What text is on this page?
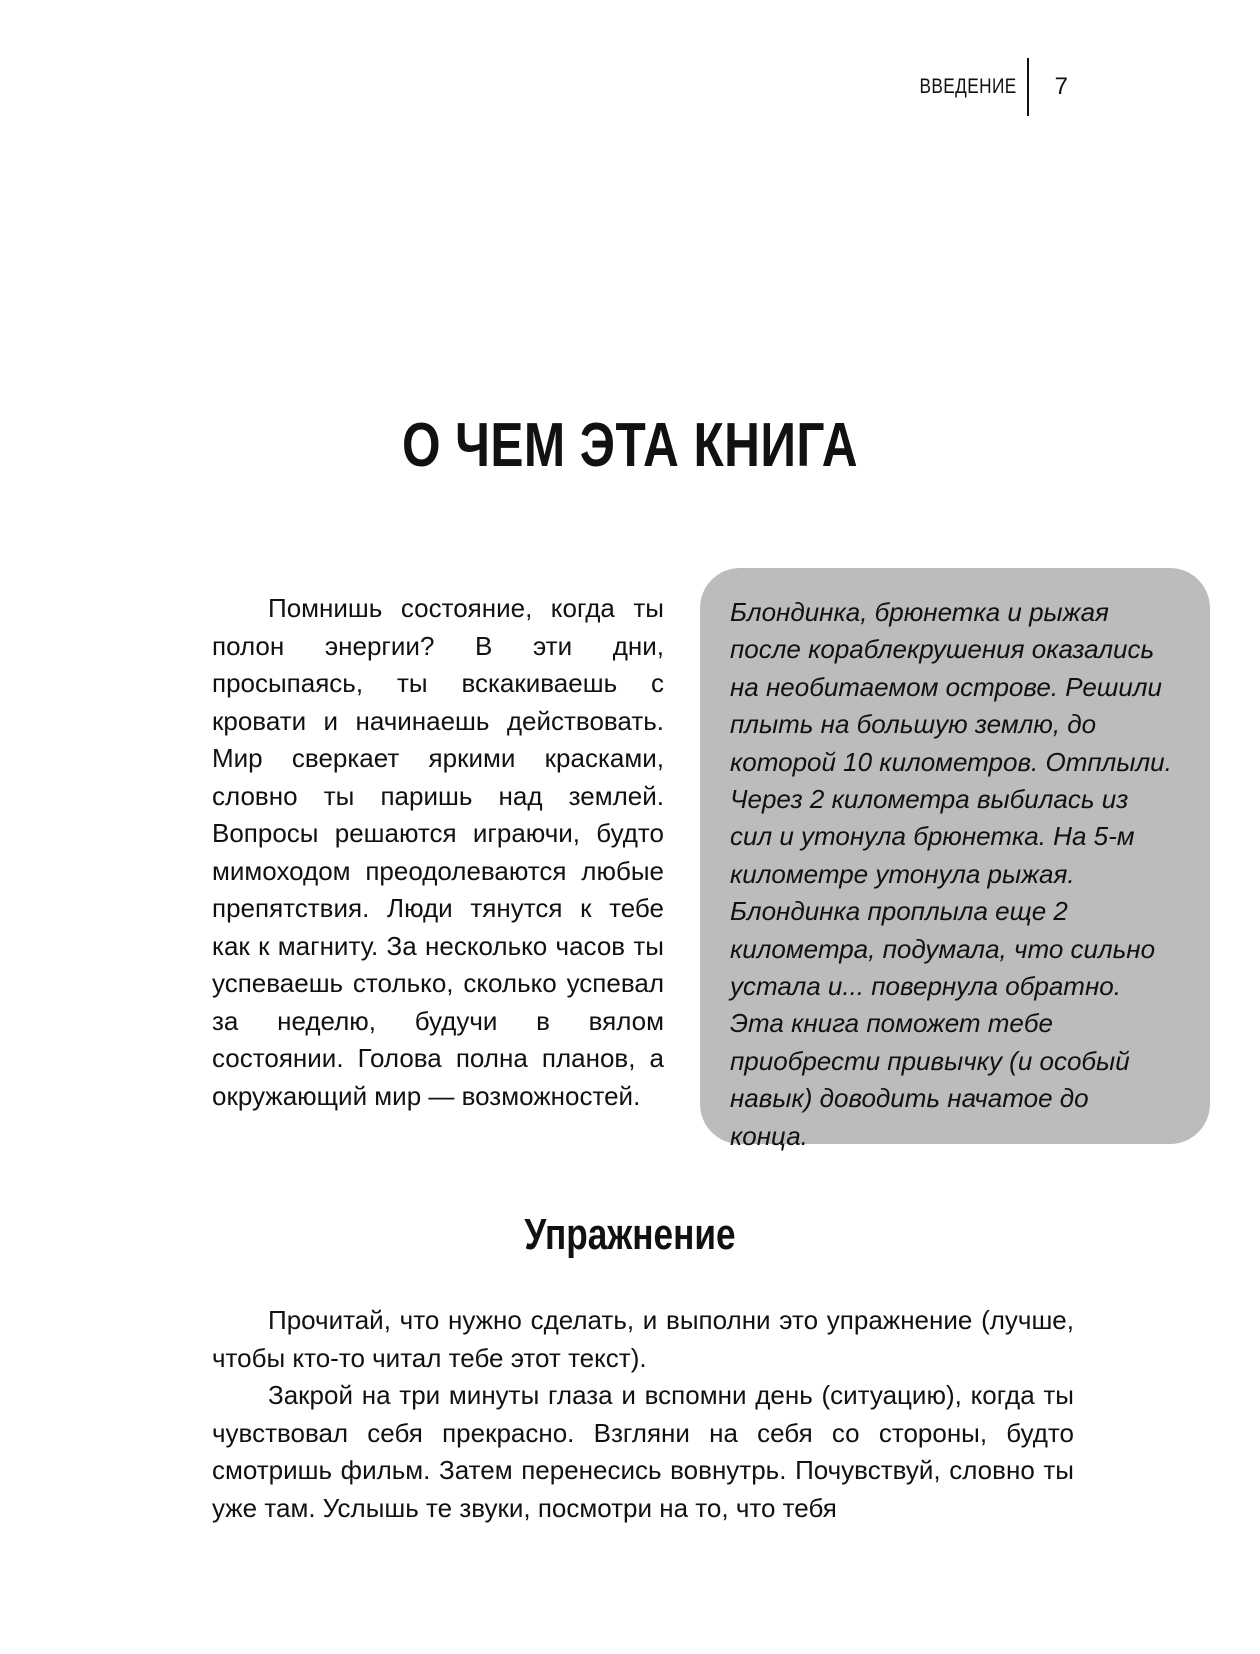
ВВЕДЕНИЕ	7
О ЧЕМ ЭТА КНИГА

Помнишь состояние, когда ты полон энергии? В эти дни, просыпаясь, ты вскакиваешь с кровати и начинаешь действовать. Мир сверкает яркими красками, словно ты паришь над землей. Вопросы решаются играючи, будто мимоходом преодолеваются любые препятствия. Люди тянутся к тебе как к магниту. За несколько часов ты успеваешь столько, сколько успевал за неделю, будучи в вялом состоянии. Голова полна планов, а окружающий мир — возможностей.

Блондинка, брюнетка и рыжая после кораблекрушения оказались на необитаемом острове. Решили плыть на большую землю, до которой 10 километров. Отплыли. Через 2 километра выбилась из сил и утонула брюнетка. На 5-м километре утонула рыжая. Блондинка проплыла еще 2 километра, подумала, что сильно устала и... повернула обратно. Эта книга поможет тебе приобрести привычку (и особый навык) доводить начатое до конца.

Упражнение

Прочитай, что нужно сделать, и выполни это упражнение (лучше, чтобы кто-то читал тебе этот текст).

Закрой на три минуты глаза и вспомни день (ситуацию), когда ты чувствовал себя прекрасно. Взгляни на себя со стороны, будто смотришь фильм. Затем перенесись вовнутрь. Почувствуй, словно ты уже там. Услышь те звуки, посмотри на то, что тебя
